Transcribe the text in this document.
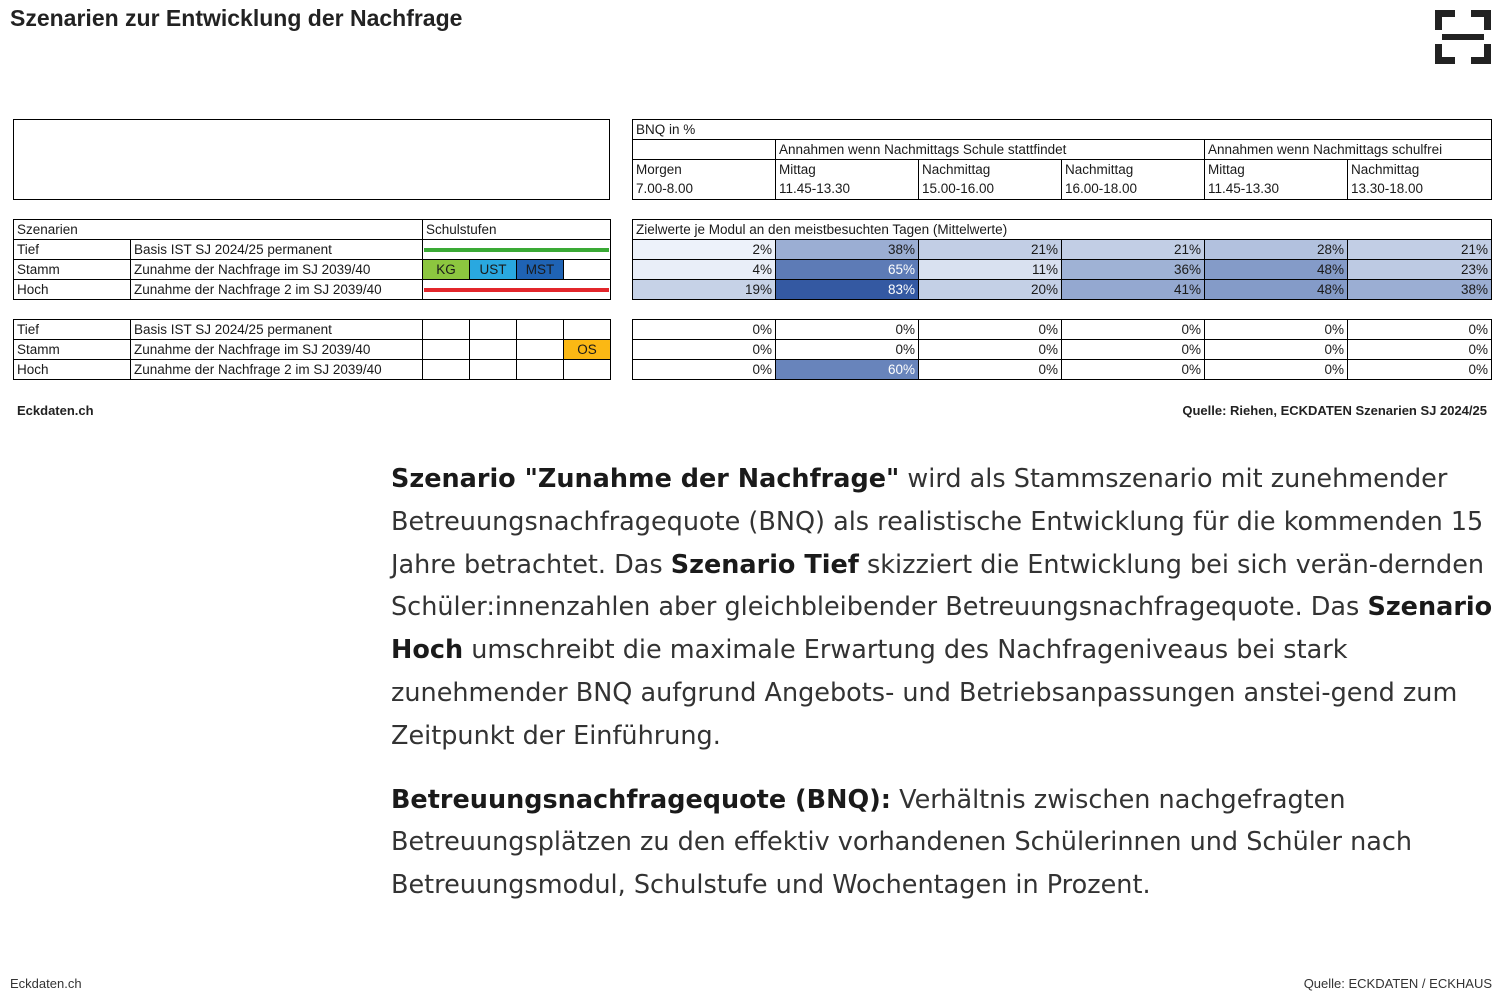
Szenarien zur Entwicklung der Nachfrage
Szenarien		Schulstufen			
Tief	Basis IST SJ 2024/25 permanent				

Stamm	Zunahme der Nachfrage im SJ 2039/40	KG	UST	MST	
Hoch	Zunahme der Nachfrage 2 im SJ 2039/40				
Tief	Basis IST SJ 2024/25 permanent				
Stamm	Zunahme der Nachfrage im SJ 2039/40				OS
Hoch	Zunahme der Nachfrage 2 im SJ 2039/40				
BNQ in %					
	Annahmen wenn Nachmittags Schule stattfindet			Annahmen wenn Nachmittags schulfrei	
Morgen	Mittag	Nachmittag	Nachmittag	Mittag	Nachmittag
7.00-8.00	11.45-13.30	15.00-16.00	16.00-18.00	11.45-13.30	13.30-18.00
Zielwerte je Modul an den meistbesuchten Tagen (Mittelwerte)					
2%	38%	21%	21%	28%	21%
4%	65%	11%	36%	48%	23%
19%	83%	20%	41%	48%	38%
0%	0%	0%	0%	0%	0%
0%	0%	0%	0%	0%	0%
0%	60%	0%	0%	0%	0%
Eckdaten.ch	Quelle: Riehen, ECKDATEN Szenarien SJ 2024/25

Szenario "Zunahme der Nachfrage" wird als Stammszenario mit zunehmender Betreuungsnachfragequote (BNQ) als realistische Entwicklung für die kommenden 15 Jahre betrachtet. Das Szenario Tief skizziert die Entwicklung bei sich verän-dernden Schüler:innenzahlen aber gleichbleibender Betreuungsnachfragequote. Das Szenario Hoch umschreibt die maximale Erwartung des Nachfrageniveaus bei stark zunehmender BNQ aufgrund Angebots- und Betriebsanpassungen anstei-gend zum Zeitpunkt der Einführung.

Betreuungsnachfragequote (BNQ): Verhältnis zwischen nachgefragten Betreuungsplätzen zu den effektiv vorhandenen Schülerinnen und Schüler nach Betreuungsmodul, Schulstufe und Wochentagen in Prozent.

Eckdaten.ch	Quelle: ECKDATEN / ECKHAUS
